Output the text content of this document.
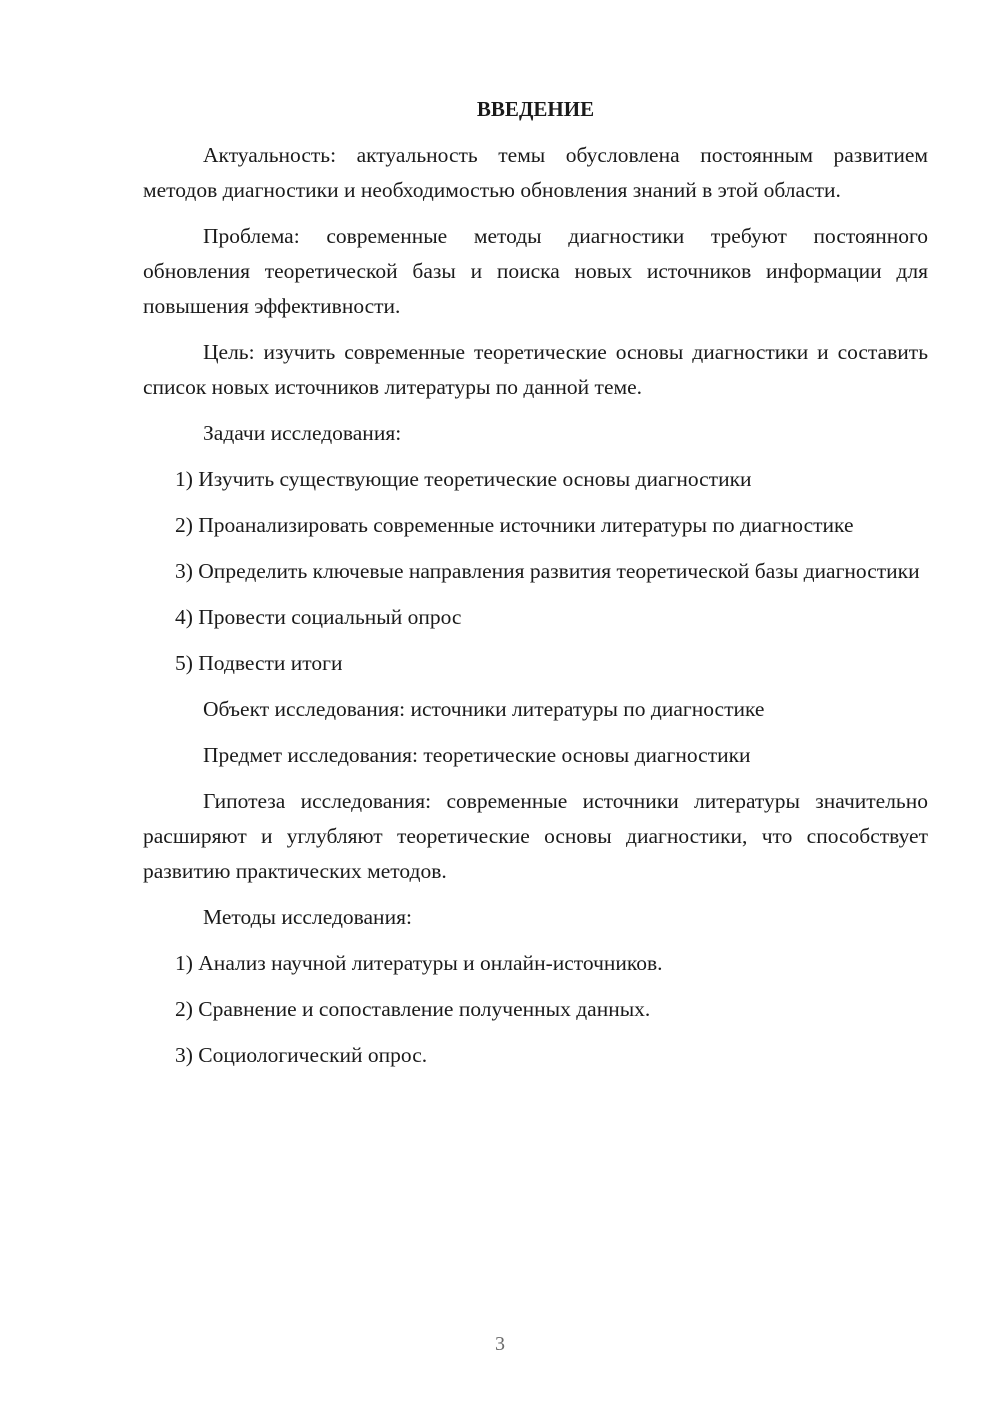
ВВЕДЕНИЕ

Актуальность: актуальность темы обусловлена постоянным развитием методов диагностики и необходимостью обновления знаний в этой области.

Проблема: современные методы диагностики требуют постоянного обновления теоретической базы и поиска новых источников информации для повышения эффективности.

Цель: изучить современные теоретические основы диагностики и составить список новых источников литературы по данной теме.

Задачи исследования:

1) Изучить существующие теоретические основы диагностики

2) Проанализировать современные источники литературы по диагностике

3) Определить ключевые направления развития теоретической базы диагностики

4) Провести социальный опрос

5) Подвести итоги

Объект исследования: источники литературы по диагностике

Предмет исследования: теоретические основы диагностики

Гипотеза исследования: современные источники литературы значительно расширяют и углубляют теоретические основы диагностики, что способствует развитию практических методов.

Методы исследования:

1) Анализ научной литературы и онлайн-источников.

2) Сравнение и сопоставление полученных данных.

3) Социологический опрос.

3
